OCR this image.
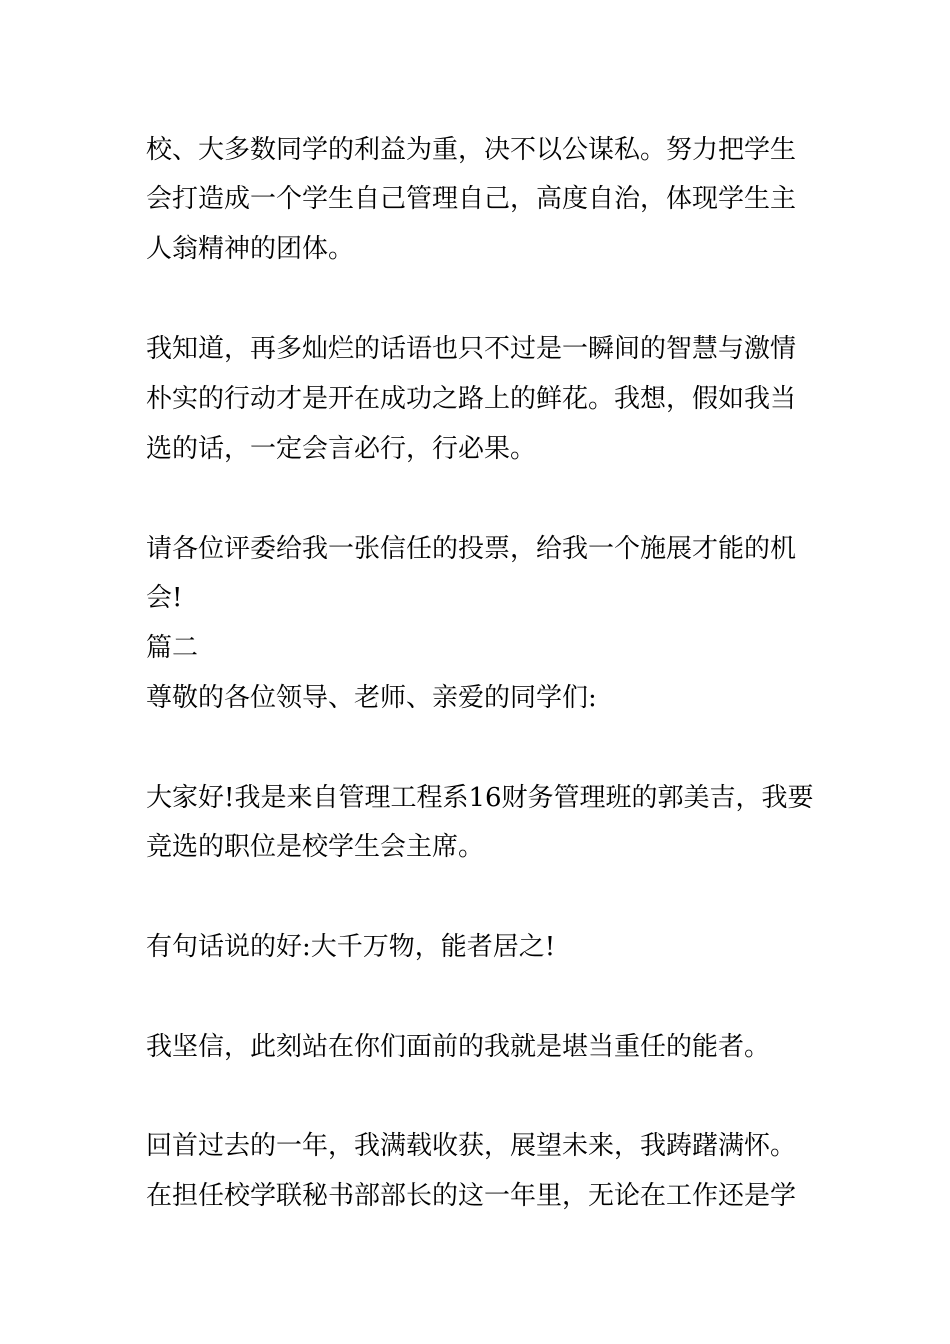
校、大多数同学的利益为重，决不以公谋私。努力把学生
会打造成一个学生自己管理自己，高度自治，体现学生主
人翁精神的团体。
我知道，再多灿烂的话语也只不过是一瞬间的智慧与激情
朴实的行动才是开在成功之路上的鲜花。我想，假如我当
选的话，一定会言必行，行必果。
请各位评委给我一张信任的投票，给我一个施展才能的机
会!
篇二
尊敬的各位领导、老师、亲爱的同学们:
大家好!我是来自管理工程系16财务管理班的郭美吉，我要
竞选的职位是校学生会主席。
有句话说的好:大千万物，能者居之!
我坚信，此刻站在你们面前的我就是堪当重任的能者。
回首过去的一年，我满载收获，展望未来，我踌躇满怀。
在担任校学联秘书部部长的这一年里，无论在工作还是学
